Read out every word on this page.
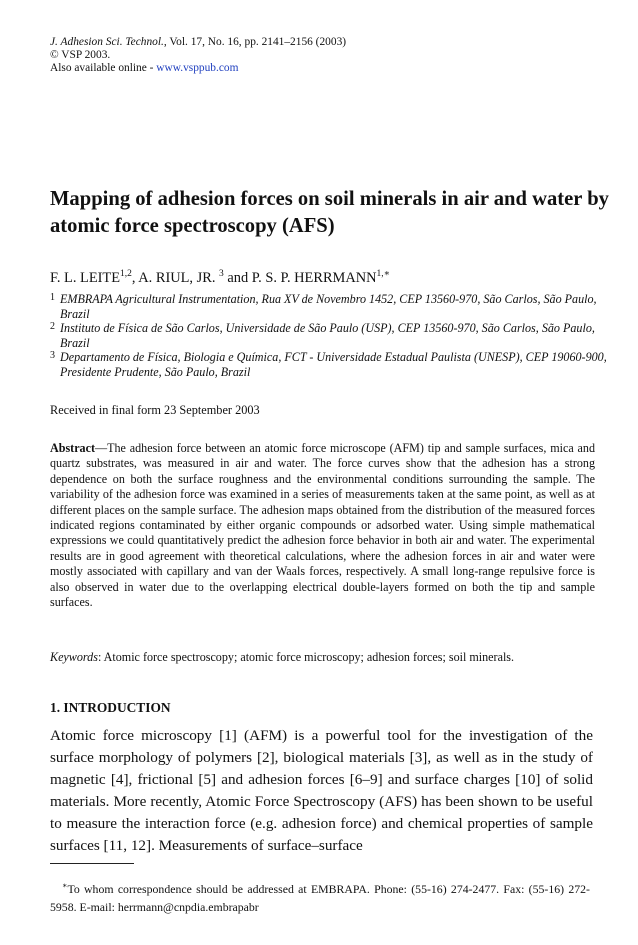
J. Adhesion Sci. Technol., Vol. 17, No. 16, pp. 2141–2156 (2003)
© VSP 2003.
Also available online - www.vsppub.com
Mapping of adhesion forces on soil minerals in air and water by atomic force spectroscopy (AFS)
F. L. LEITE$^{1,2}$, A. RIUL, JR. $^3$ and P. S. P. $HERRMANN^{1,∗}$

1 EMBRAPA Agricultural Instrumentation, Rua XV de Novembro 1452, CEP 13560-970, São Carlos, São Paulo, Brazil

2 Instituto de Física de São Carlos, Universidade de São Paulo (USP), CEP 13560-970, São Carlos, São Paulo, Brazil

3 Departamento de Física, Biologia e Química, FCT - Universidade Estadual Paulista (UNESP), CEP 19060-900, Presidente Prudente, São Paulo, Brazil

Received in final form 23 September 2003

Abstract—The adhesion force between an atomic force microscope (AFM) tip and sample surfaces, mica and quartz substrates, was measured in air and water. The force curves show that the adhesion has a strong dependence on both the surface roughness and the environmental conditions surrounding the sample. The variability of the adhesion force was examined in a series of measurements taken at the same point, as well as at different places on the sample surface. The adhesion maps obtained from the distribution of the measured forces indicated regions contaminated by either organic compounds or adsorbed water. Using simple mathematical expressions we could quantitatively predict the adhesion force behavior in both air and water. The experimental results are in good agreement with theoretical calculations, where the adhesion forces in air and water were mostly associated with capillary and van der Waals forces, respectively. A small long-range repulsive force is also observed in water due to the overlapping electrical double-layers formed on both the tip and sample surfaces.

Keywords: Atomic force spectroscopy; atomic force microscopy; adhesion forces; soil minerals.
1. INTRODUCTION

Atomic force microscopy [1] (AFM) is a powerful tool for the investigation of the surface morphology of polymers [2], biological materials [3], as well as in the study of magnetic [4], frictional [5] and adhesion forces [6–9] and surface charges [10] of solid materials. More recently, Atomic Force Spectroscopy (AFS) has been shown to be useful to measure the interaction force (e.g. adhesion force) and chemical properties of sample surfaces [11, 12]. Measurements of surface–surface

∗To whom correspondence should be addressed at EMBRAPA. Phone: (55-16) 274-2477. Fax: (55-16) 272-5958. E-mail: herrmann@cnpdia.embrapabr
